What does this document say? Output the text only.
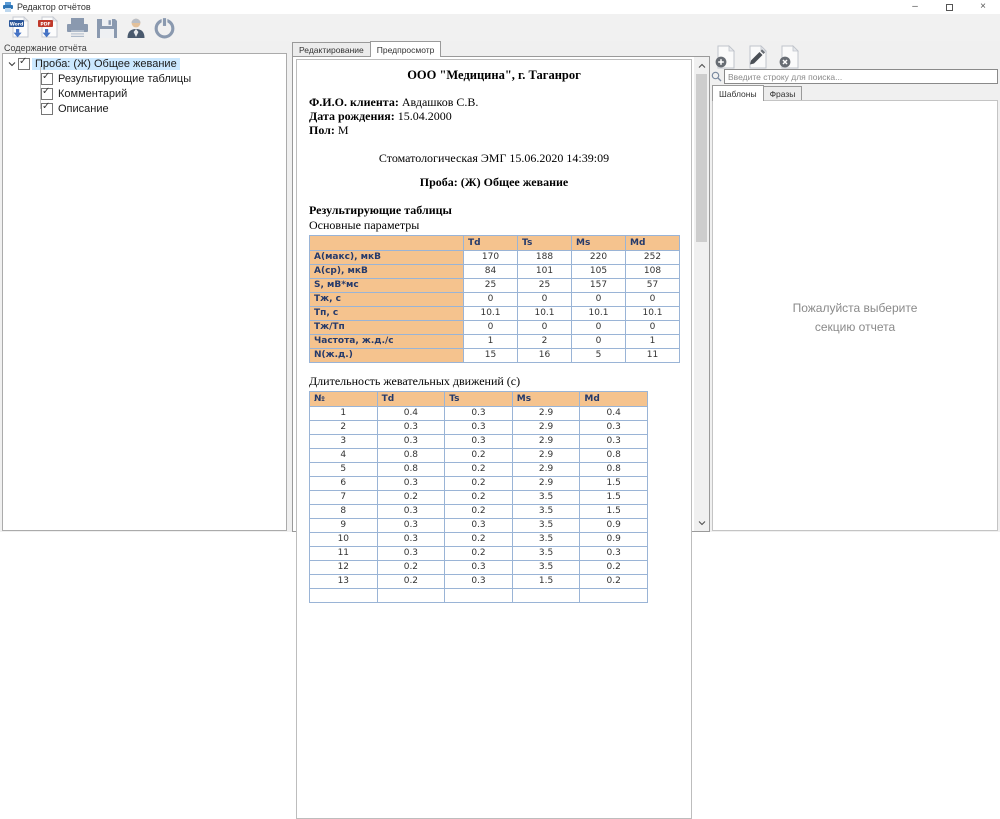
Редактор отчётов	–	×
Word	PDF
Содержание отчёта
✓
Проба: (Ж) Общее жевание
✓
Результирующие таблицы
✓
Комментарий
✓
Описание
Редактирование	Предпросмотр
ООО "Медицина", г. Таганрог
Ф.И.О. клиента: Авдашков С.В.
Дата рождения: 15.04.2000
Пол: М
Стоматологическая ЭМГ 15.06.2020 14:39:09
Проба: (Ж) Общее жевание
Результирующие таблицы
Основные параметры
	Td	Ts	Ms	Md
А(макс), мкВ	170	188	220	252
А(ср), мкВ	84	101	105	108
S, мВ*мс	25	25	157	57
Тж, с	0	0	0	0
Тп, с	10.1	10.1	10.1	10.1
Тж/Тп	0	0	0	0
Частота, ж.д./с	1	2	0	1
N(ж.д.)	15	16	5	11
Длительность жевательных движений (с)
№	Td	Ts	Ms	Md
1	0.4	0.3	2.9	0.4
2	0.3	0.3	2.9	0.3
3	0.3	0.3	2.9	0.3
4	0.8	0.2	2.9	0.8
5	0.8	0.2	2.9	0.8
6	0.3	0.2	2.9	1.5
7	0.2	0.2	3.5	1.5
8	0.3	0.2	3.5	1.5
9	0.3	0.3	3.5	0.9
10	0.3	0.2	3.5	0.9
11	0.3	0.2	3.5	0.3
12	0.2	0.3	3.5	0.2
13	0.2	0.3	1.5	0.2

Введите строку для поиска...
Шаблоны	Фразы
Пожалуйста выберите
секцию отчета
